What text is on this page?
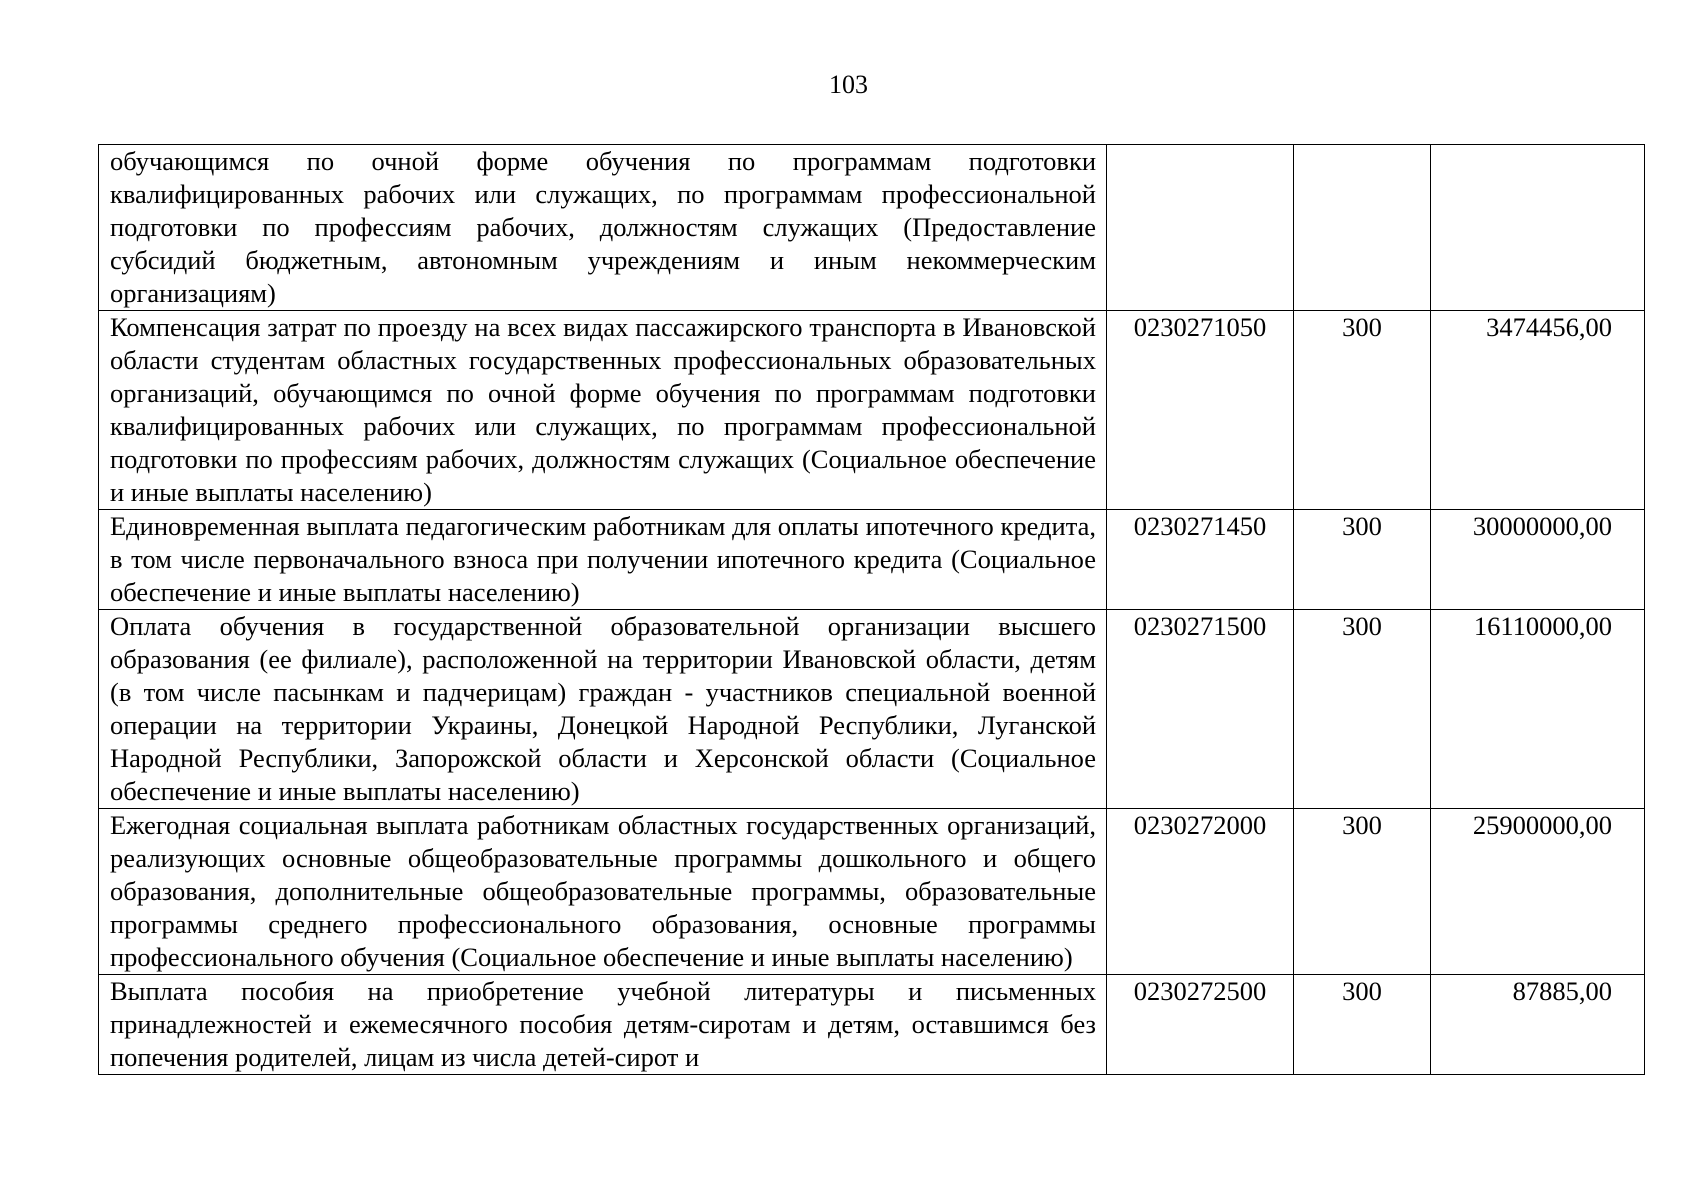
103
обучающимся по очной форме обучения по программам подготовки квалифицированных рабочих или служащих, по программам профессиональной подготовки по профессиям рабочих, должностям служащих (Предоставление субсидий бюджетным, автономным учреждениям и иным некоммерческим организациям)			
Компенсация затрат по проезду на всех видах пассажирского транспорта в Ивановской области студентам областных государственных профессиональных образовательных организаций, обучающимся по очной форме обучения по программам подготовки квалифицированных рабочих или служащих, по программам профессиональной подготовки по профессиям рабочих, должностям служащих (Социальное обеспечение и иные выплаты населению)	0230271050	300	3474456,00
Единовременная выплата педагогическим работникам для оплаты ипотечного кредита, в том числе первоначального взноса при получении ипотечного кредита (Социальное обеспечение и иные выплаты населению)	0230271450	300	30000000,00
Оплата обучения в государственной образовательной организации высшего образования (ее филиале), расположенной на территории Ивановской области, детям (в том числе пасынкам и падчерицам) граждан - участников специальной военной операции на территории Украины, Донецкой Народной Республики, Луганской Народной Республики, Запорожской области и Херсонской области (Социальное обеспечение и иные выплаты населению)	0230271500	300	16110000,00
Ежегодная социальная выплата работникам областных государственных организаций, реализующих основные общеобразовательные программы дошкольного и общего образования, дополнительные общеобразовательные программы, образовательные программы среднего профессионального образования, основные программы профессионального обучения (Социальное обеспечение и иные выплаты населению)	0230272000	300	25900000,00
Выплата пособия на приобретение учебной литературы и письменных принадлежностей и ежемесячного пособия детям-сиротам и детям, оставшимся без попечения родителей, лицам из числа детей-сирот и	0230272500	300	87885,00
